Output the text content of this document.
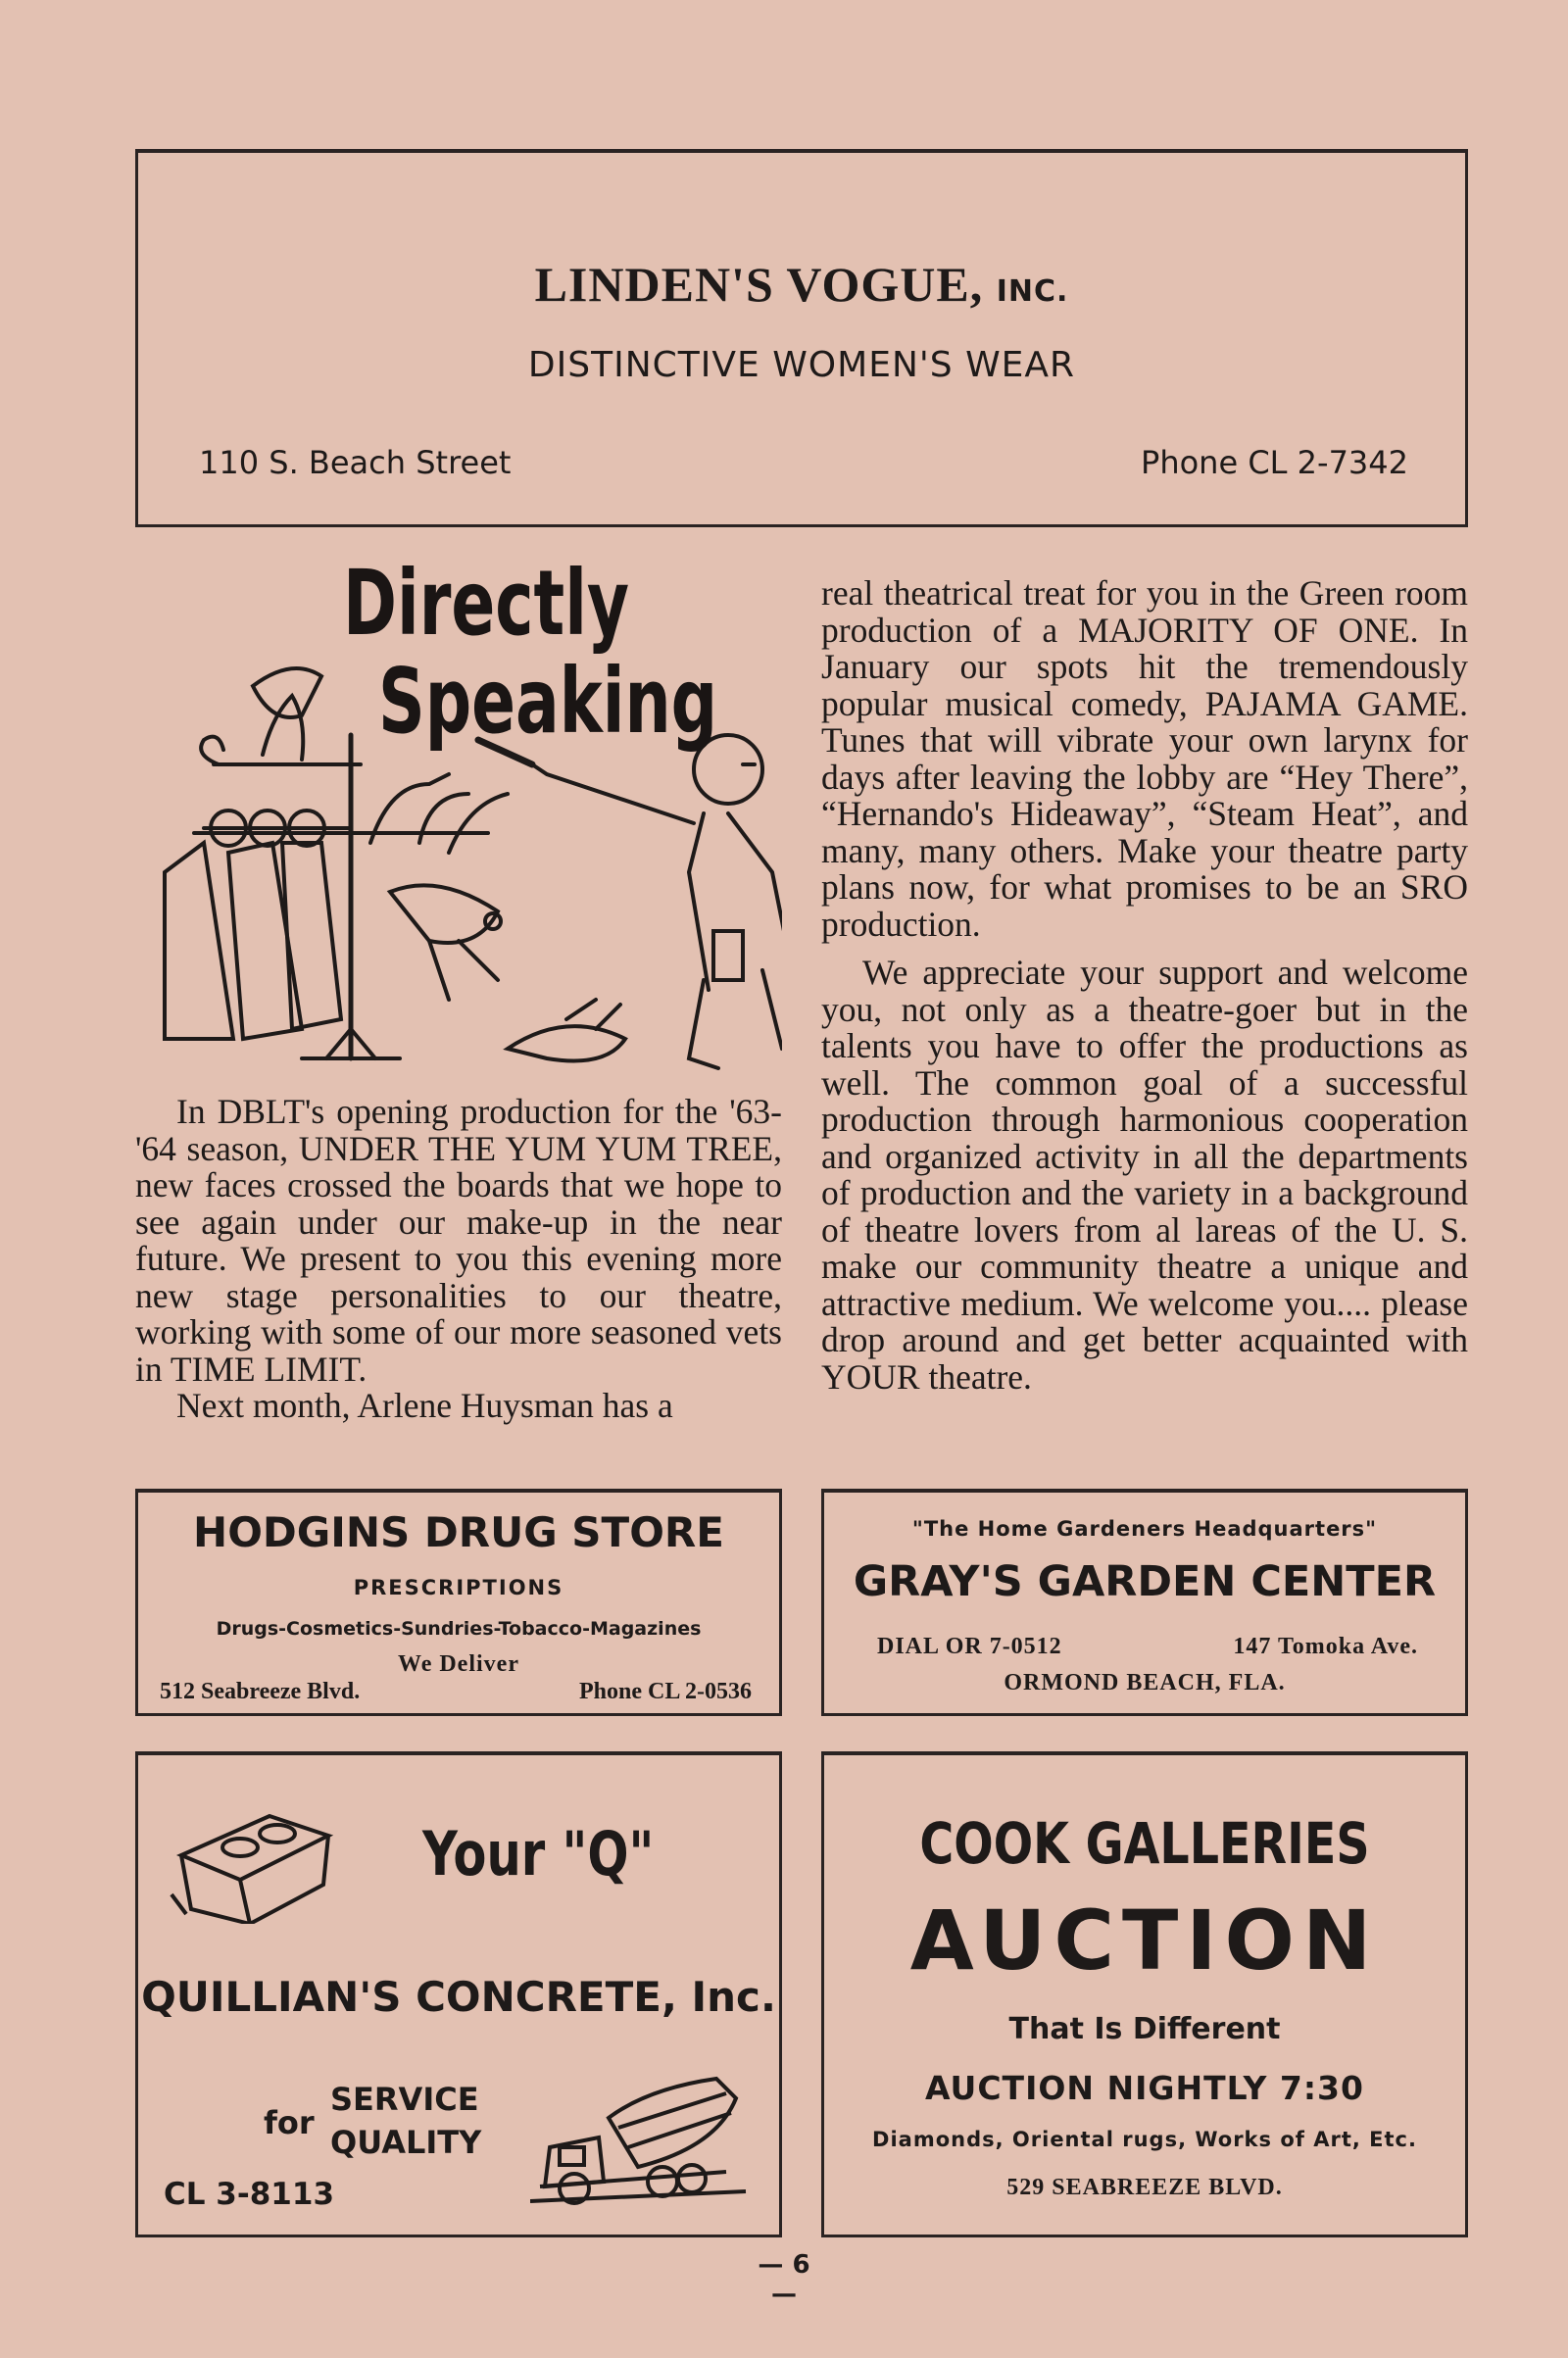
LINDEN'S VOGUE, INC.
DISTINCTIVE WOMEN'S WEAR
110 S. Beach Street	Phone CL 2-7342
Directly
Speaking

In DBLT's opening production for the '63-'64 season, UNDER THE YUM YUM TREE, new faces crossed the boards that we hope to see again under our make-up in the near future. We present to you this evening more new stage personalities to our theatre, working with some of our more seasoned vets in TIME LIMIT.

Next month, Arlene Huysman has a

real theatrical treat for you in the Green room production of a MAJORITY OF ONE. In January our spots hit the tremendously popular musical comedy, PAJAMA GAME. Tunes that will vibrate your own larynx for days after leaving the lobby are “Hey There”, “Hernando's Hideaway”, “Steam Heat”, and many, many others. Make your theatre party plans now, for what promises to be an SRO production.

We appreciate your support and welcome you, not only as a theatre-goer but in the talents you have to offer the productions as well. The common goal of a successful production through harmonious cooperation and organized activity in all the departments of production and the variety in a background of theatre lovers from al lareas of the U. S. make our community theatre a unique and attractive medium. We welcome you.... please drop around and get better acquainted with YOUR theatre.

HODGINS DRUG STORE
PRESCRIPTIONS
Drugs-Cosmetics-Sundries-Tobacco-Magazines
We Deliver
512 Seabreeze Blvd.	Phone CL 2-0536
"The Home Gardeners Headquarters"
GRAY'S GARDEN CENTER
DIAL OR 7-0512	147 Tomoka Ave.
ORMOND BEACH, FLA.
Your "Q"
QUILLIAN'S CONCRETE, Inc.
for
SERVICE
QUALITY
CL 3-8113
COOK GALLERIES
AUCTION
That Is Different
AUCTION NIGHTLY 7:30
Diamonds, Oriental rugs, Works of Art, Etc.
529 SEABREEZE BLVD.
— 6 —
